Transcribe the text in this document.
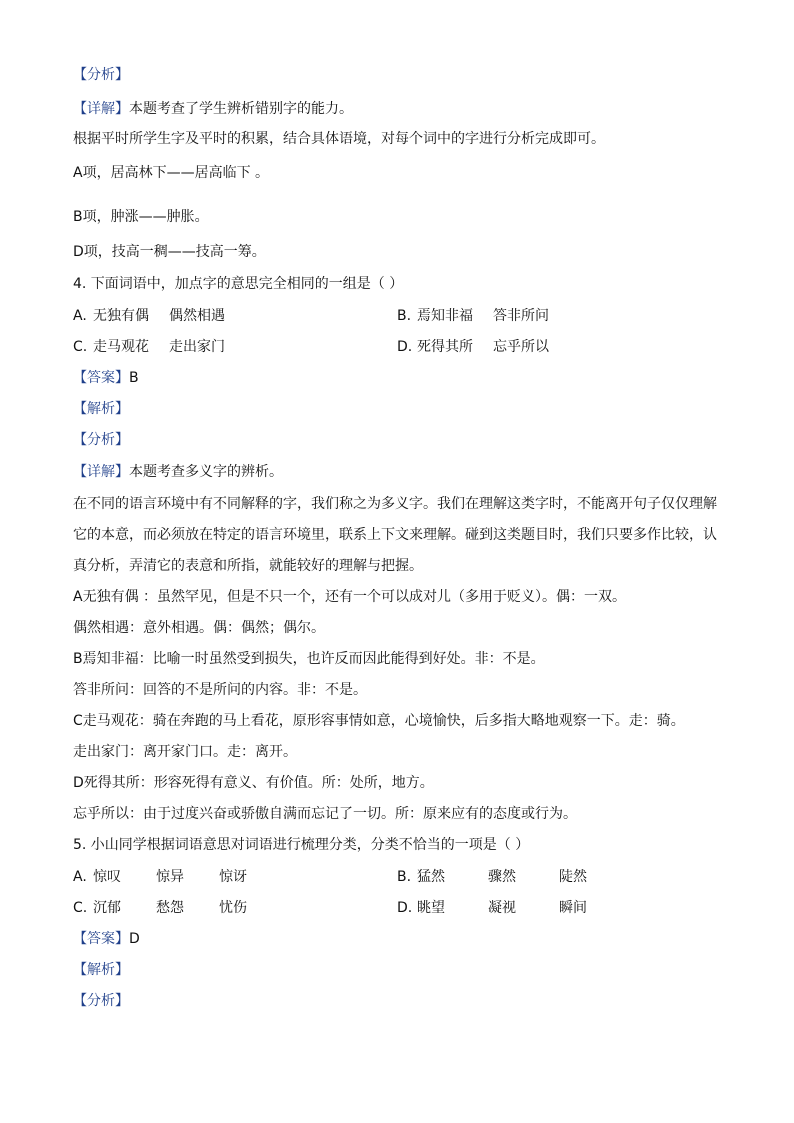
【分析】
【详解】本题考查了学生辨析错别字的能力。
根据平时所学生字及平时的积累，结合具体语境，对每个词中的字进行分析完成即可。
A项，居高林下——居高临下 。
B项，肿涨——肿胀。
D项，技高一稠——技高一筹。
4. 下面词语中，加点字的意思完全相同的一组是（ ）
A. 无独有偶 偶然相遇	B. 焉知非福 答非所问
C. 走马观花 走出家门	D. 死得其所 忘乎所以
【答案】B
【解析】
【分析】
【详解】本题考查多义字的辨析。
在不同的语言环境中有不同解释的字，我们称之为多义字。我们在理解这类字时，不能离开句子仅仅理解
它的本意，而必须放在特定的语言环境里，联系上下文来理解。碰到这类题目时，我们只要多作比较，认
真分析，弄清它的表意和所指，就能较好的理解与把握。
A无独有偶 ：虽然罕见，但是不只一个，还有一个可以成对儿（多用于贬义）。偶：一双。
偶然相遇：意外相遇。偶：偶然；偶尔。
B焉知非福：比喻一时虽然受到损失，也许反而因此能得到好处。非：不是。
答非所问：回答的不是所问的内容。非：不是。
C走马观花：骑在奔跑的马上看花，原形容事情如意，心境愉快，后多指大略地观察一下。走：骑。
走出家门：离开家门口。走：离开。
D死得其所：形容死得有意义、有价值。所：处所，地方。
忘乎所以：由于过度兴奋或骄傲自满而忘记了一切。所：原来应有的态度或行为。
5. 小山同学根据词语意思对词语进行梳理分类，分类不恰当的一项是（ ）
A. 惊叹	惊异	惊讶	B. 猛然	骤然	陡然
C. 沉郁	愁怨	忧伤	D. 眺望	凝视	瞬间
【答案】D
【解析】
【分析】
